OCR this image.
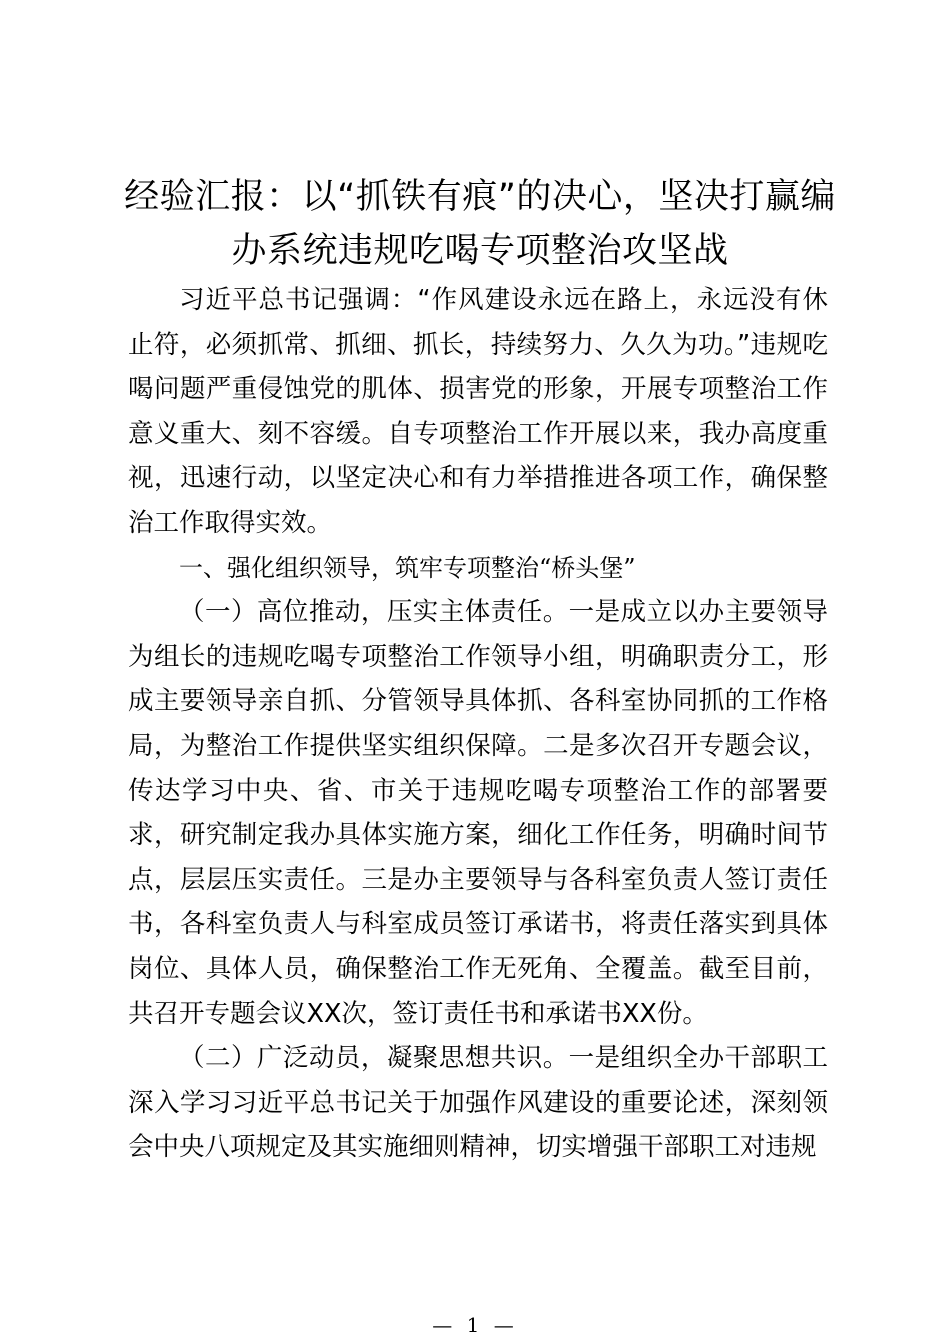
经验汇报：以“抓铁有痕”的决心，坚决打赢编
办系统违规吃喝专项整治攻坚战

习近平总书记强调：“作风建设永远在路上，永远没有休止符，必须抓常、抓细、抓长，持续努力、久久为功。”违规吃喝问题严重侵蚀党的肌体、损害党的形象，开展专项整治工作意义重大、刻不容缓。自专项整治工作开展以来，我办高度重视，迅速行动，以坚定决心和有力举措推进各项工作，确保整治工作取得实效。

一、强化组织领导，筑牢专项整治“桥头堡”

（一）高位推动，压实主体责任。一是成立以办主要领导为组长的违规吃喝专项整治工作领导小组，明确职责分工，形成主要领导亲自抓、分管领导具体抓、各科室协同抓的工作格局，为整治工作提供坚实组织保障。二是多次召开专题会议，传达学习中央、省、市关于违规吃喝专项整治工作的部署要求，研究制定我办具体实施方案，细化工作任务，明确时间节点，层层压实责任。三是办主要领导与各科室负责人签订责任书，各科室负责人与科室成员签订承诺书，将责任落实到具体岗位、具体人员，确保整治工作无死角、全覆盖。截至目前，共召开专题会议XX次，签订责任书和承诺书XX份。

（二）广泛动员，凝聚思想共识。一是组织全办干部职工深入学习习近平总书记关于加强作风建设的重要论述，深刻领会中央八项规定及其实施细则精神，切实增强干部职工对违规

— 1 —
